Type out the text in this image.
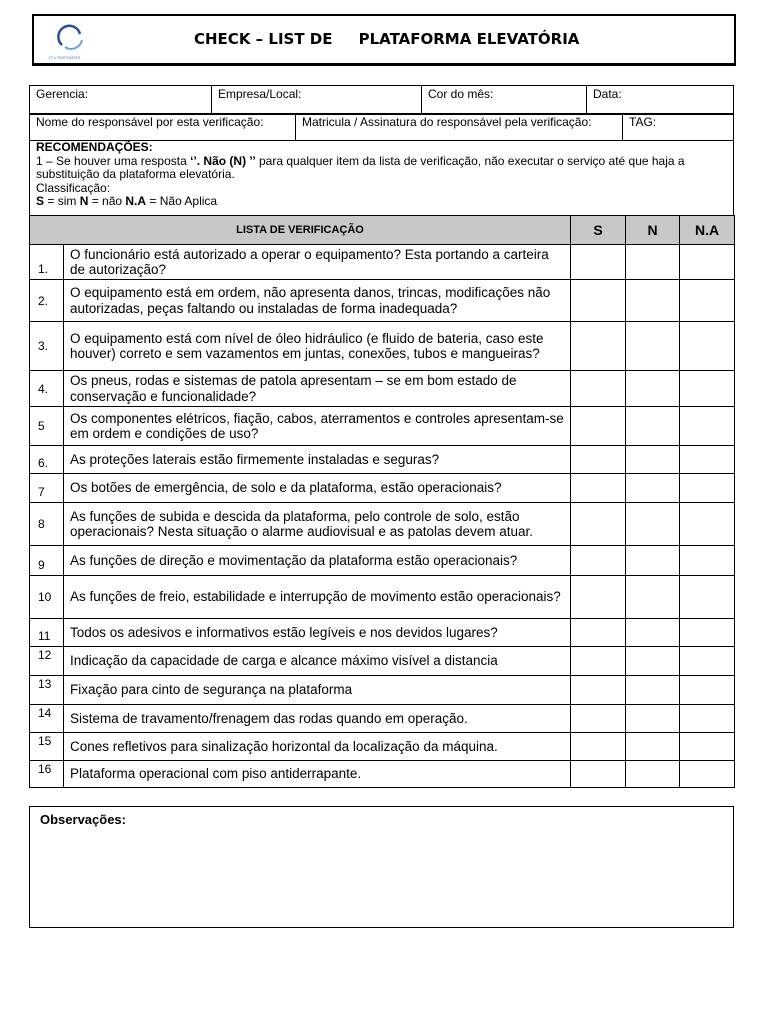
JT's PARTNERS
CHECK – LIST DE     PLATAFORMA ELEVATÓRIA
Gerencia:	Empresa/Local:	Cor do mês:	Data:
Nome do responsável por esta verificação:	Matricula / Assinatura do responsável pela verificação:	TAG:
RECOMENDAÇÕES:
1 – Se houver uma resposta ‘’. Não (N) ’’ para qualquer item da lista de verificação, não executar o serviço até que haja a substituição da plataforma elevatória.
Classificação:
S = sim N = não N.A = Não Aplica
LISTA DE VERIFICAÇÃO		S	N	N.A
1.	O funcionário está autorizado a operar o equipamento? Esta portando a carteira de autorização?			
2.	O equipamento está em ordem, não apresenta danos, trincas, modificações não autorizadas, peças faltando ou instaladas de forma inadequada?			
3.	O equipamento está com nível de óleo hidráulico (e fluido de bateria, caso este houver) correto e sem vazamentos em juntas, conexões, tubos e mangueiras?			
4.	Os pneus, rodas e sistemas de patola apresentam – se em bom estado de conservação e funcionalidade?			
5	Os componentes elétricos, fiação, cabos, aterramentos e controles apresentam-se em ordem e condições de uso?			
6.	As proteções laterais estão firmemente instaladas e seguras?			
7	Os botões de emergência, de solo e da plataforma, estão operacionais?			
8	As funções de subida e descida da plataforma, pelo controle de solo, estão operacionais? Nesta situação o alarme audiovisual e as patolas devem atuar.			
9	As funções de direção e movimentação da plataforma estão operacionais?			
10	As funções de freio, estabilidade e interrupção de movimento estão operacionais?			
11	Todos os adesivos e informativos estão legíveis e nos devidos lugares?			
12	Indicação da capacidade de carga e alcance máximo visível a distancia			
13	Fixação para cinto de segurança na plataforma			
14	Sistema de travamento/frenagem das rodas quando em operação.			
15	Cones refletivos para sinalização horizontal da localização da máquina.			
16	Plataforma operacional com piso antiderrapante.			
Observações:
